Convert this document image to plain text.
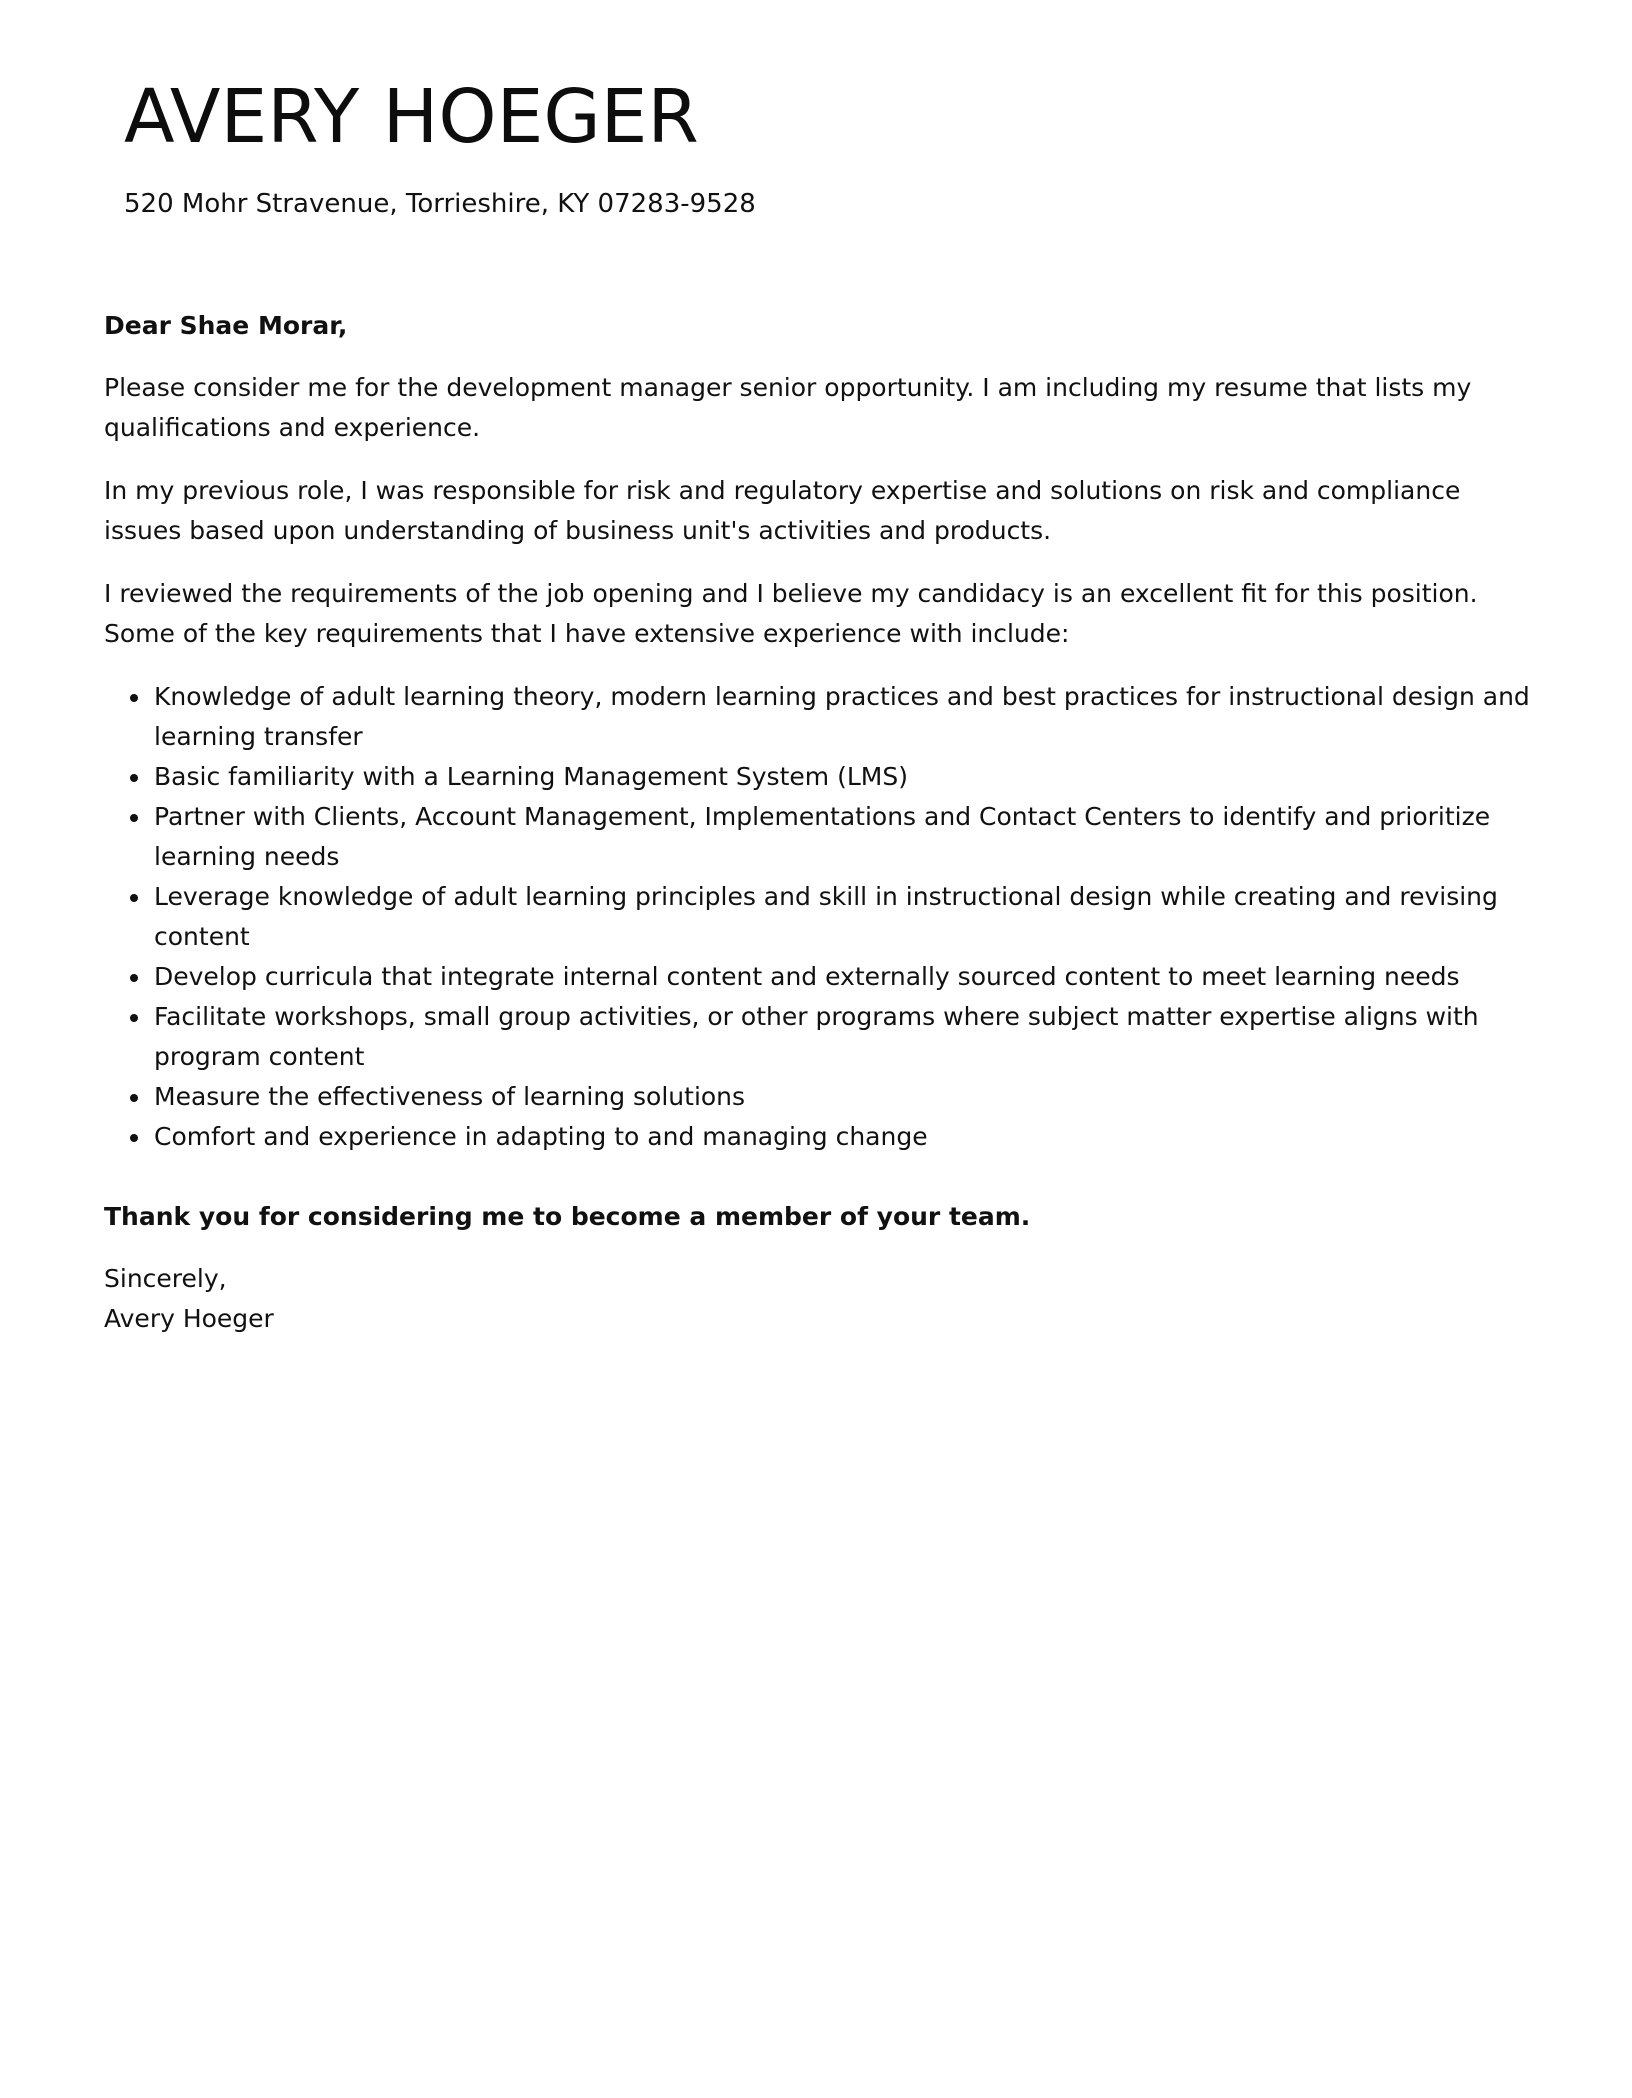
AVERY HOEGER
520 Mohr Stravenue, Torrieshire, KY 07283-9528

Dear Shae Morar,

Please consider me for the development manager senior opportunity. I am including my resume that lists my qualifications and experience.

In my previous role, I was responsible for risk and regulatory expertise and solutions on risk and compliance issues based upon understanding of business unit's activities and products.

I reviewed the requirements of the job opening and I believe my candidacy is an excellent fit for this position. Some of the key requirements that I have extensive experience with include:

• Knowledge of adult learning theory, modern learning practices and best practices for instructional design and learning transfer
• Basic familiarity with a Learning Management System (LMS)
• Partner with Clients, Account Management, Implementations and Contact Centers to identify and prioritize learning needs
• Leverage knowledge of adult learning principles and skill in instructional design while creating and revising content
• Develop curricula that integrate internal content and externally sourced content to meet learning needs
• Facilitate workshops, small group activities, or other programs where subject matter expertise aligns with program content
• Measure the effectiveness of learning solutions
• Comfort and experience in adapting to and managing change

Thank you for considering me to become a member of your team.

Sincerely,
Avery Hoeger
